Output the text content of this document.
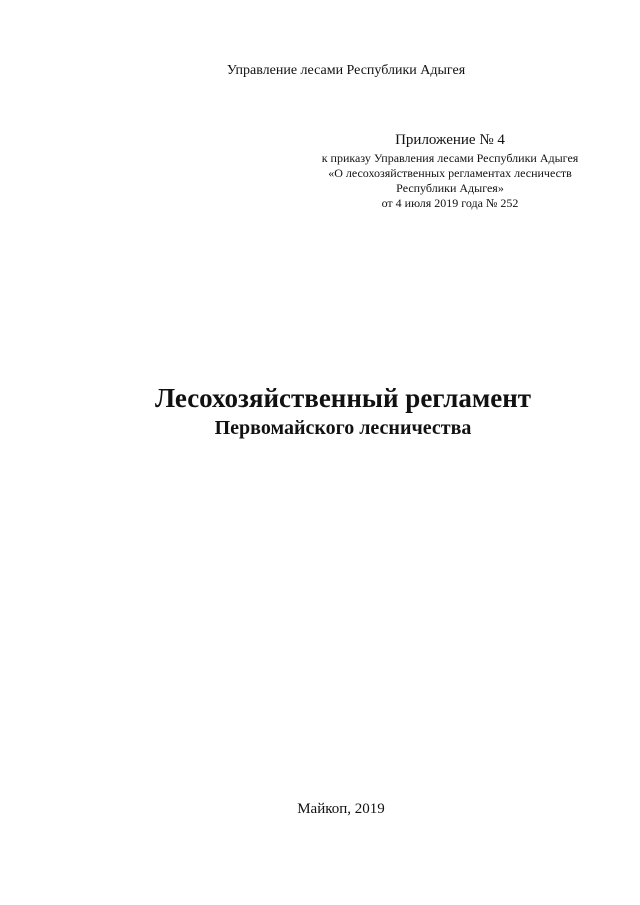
Управление лесами Республики Адыгея
Приложение № 4
к приказу Управления лесами Республики Адыгея
«О лесохозяйственных регламентах лесничеств
Республики Адыгея»
от 4 июля 2019 года № 252
Лесохозяйственный регламент
Первомайского лесничества
Майкоп, 2019
